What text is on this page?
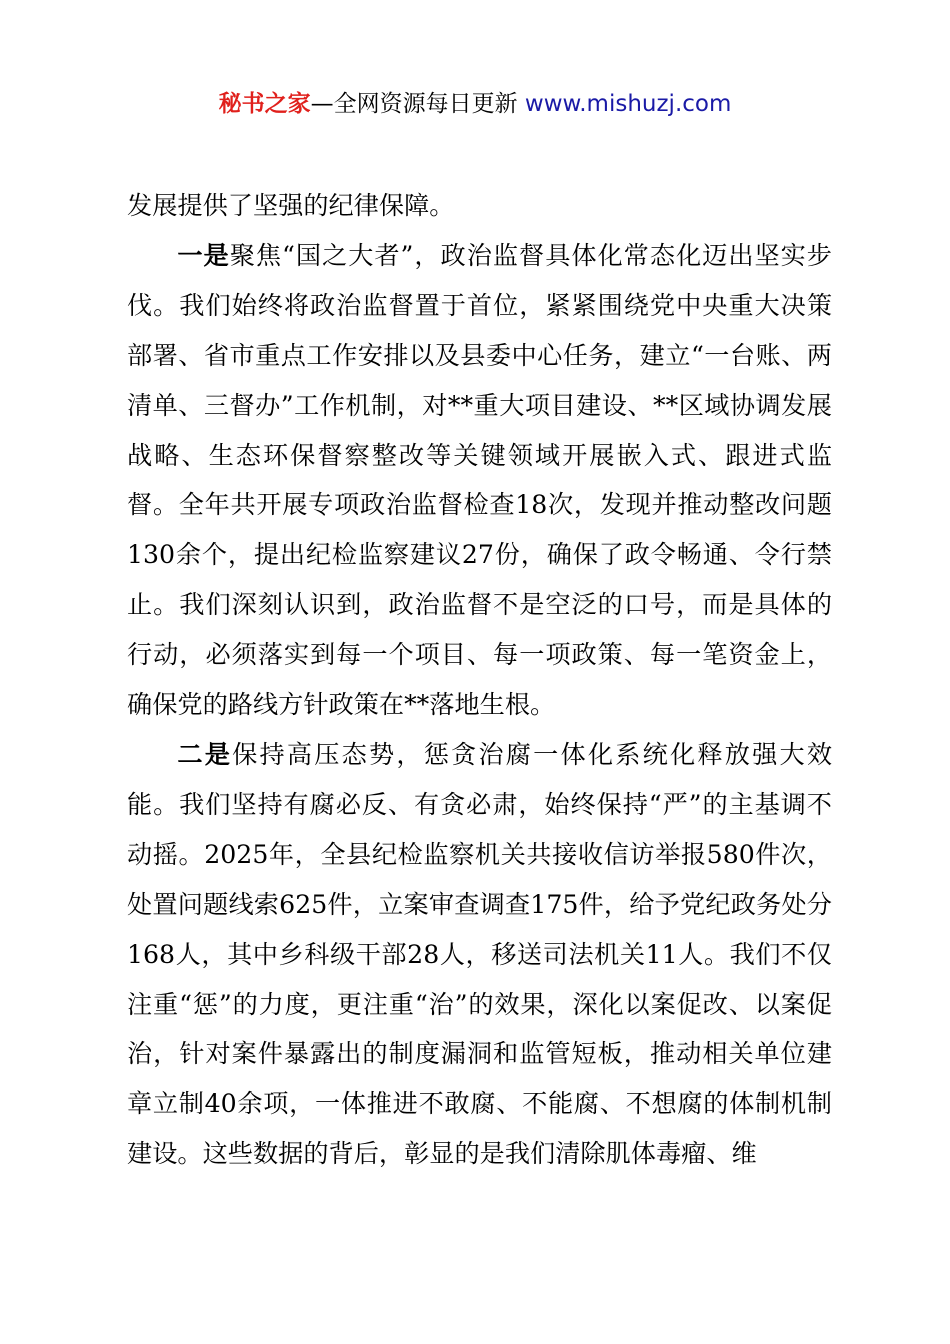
秘书之家—全网资源每日更新 www.mishuzj.com

发展提供了坚强的纪律保障。

一是聚焦“国之大者”，政治监督具体化常态化迈出坚实步伐。我们始终将政治监督置于首位，紧紧围绕党中央重大决策部署、省市重点工作安排以及县委中心任务，建立“一台账、两清单、三督办”工作机制，对**重大项目建设、**区域协调发展战略、生态环保督察整改等关键领域开展嵌入式、跟进式监督。全年共开展专项政治监督检查18次，发现并推动整改问题130余个，提出纪检监察建议27份，确保了政令畅通、令行禁止。我们深刻认识到，政治监督不是空泛的口号，而是具体的行动，必须落实到每一个项目、每一项政策、每一笔资金上，确保党的路线方针政策在**落地生根。

二是保持高压态势，惩贪治腐一体化系统化释放强大效能。我们坚持有腐必反、有贪必肃，始终保持“严”的主基调不动摇。2025年，全县纪检监察机关共接收信访举报580件次，处置问题线索625件，立案审查调查175件，给予党纪政务处分168人，其中乡科级干部28人，移送司法机关11人。我们不仅注重“惩”的力度，更注重“治”的效果，深化以案促改、以案促治，针对案件暴露出的制度漏洞和监管短板，推动相关单位建章立制40余项，一体推进不敢腐、不能腐、不想腐的体制机制建设。这些数据的背后，彰显的是我们清除肌体毒瘤、维
